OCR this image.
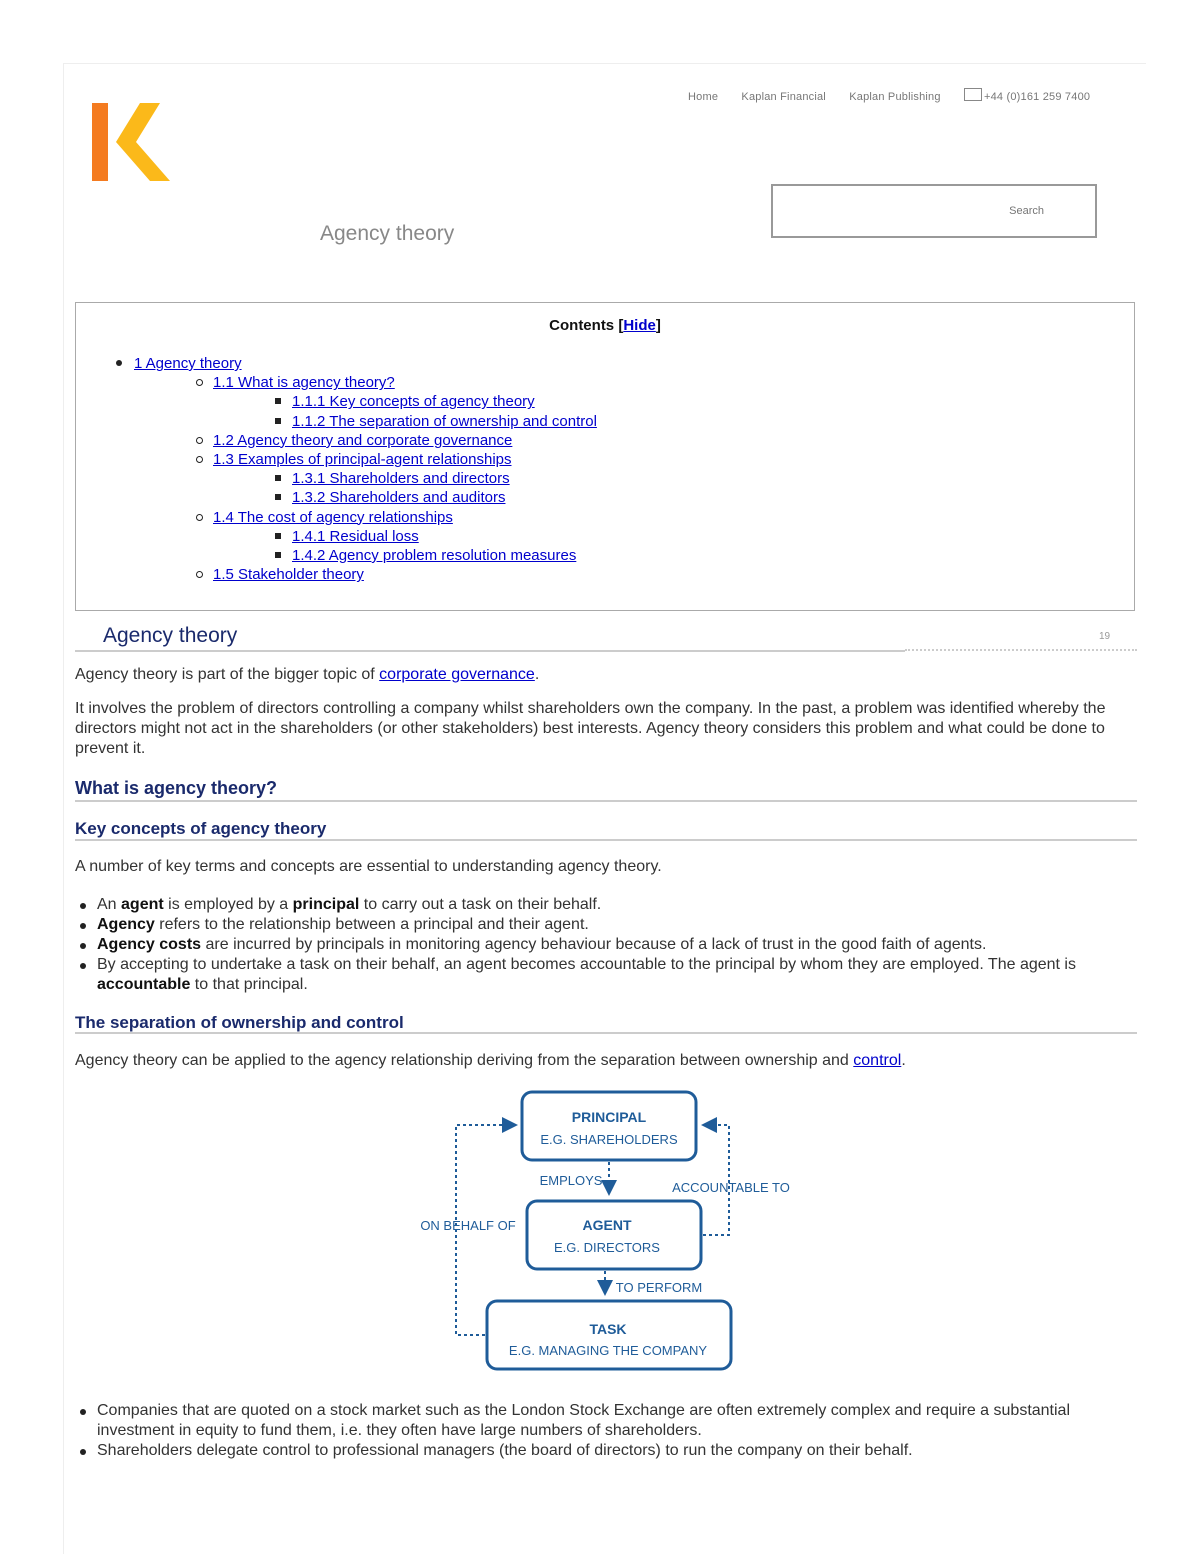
Home Kaplan Financial Kaplan Publishing	+44 (0)161 259 7400
Search
Agency theory
Contents [Hide]
1 Agency theory
1.1 What is agency theory?
1.1.1 Key concepts of agency theory
1.1.2 The separation of ownership and control
1.2 Agency theory and corporate governance
1.3 Examples of principal-agent relationships
1.3.1 Shareholders and directors
1.3.2 Shareholders and auditors
1.4 The cost of agency relationships
1.4.1 Residual loss
1.4.2 Agency problem resolution measures
1.5 Stakeholder theory
Agency theory	19
Agency theory is part of the bigger topic of corporate governance.
It involves the problem of directors controlling a company whilst shareholders own the company. In the past, a problem was identified whereby the directors might not act in the shareholders (or other stakeholders) best interests. Agency theory considers this problem and what could be done to prevent it.
What is agency theory?
Key concepts of agency theory
A number of key terms and concepts are essential to understanding agency theory.
An agent is employed by a principal to carry out a task on their behalf.
Agency refers to the relationship between a principal and their agent.
Agency costs are incurred by principals in monitoring agency behaviour because of a lack of trust in the good faith of agents.
By accepting to undertake a task on their behalf, an agent becomes accountable to the principal by whom they are employed. The agent is accountable to that principal.
The separation of ownership and control
Agency theory can be applied to the agency relationship deriving from the separation between ownership and control.
PRINCIPAL
E.G. SHAREHOLDERS
AGENT
E.G. DIRECTORS
TASK
E.G. MANAGING THE COMPANY
EMPLOYS	ACCOUNTABLE TO
ON BEHALF OF
TO PERFORM
Companies that are quoted on a stock market such as the London Stock Exchange are often extremely complex and require a substantial investment in equity to fund them, i.e. they often have large numbers of shareholders.
Shareholders delegate control to professional managers (the board of directors) to run the company on their behalf.
